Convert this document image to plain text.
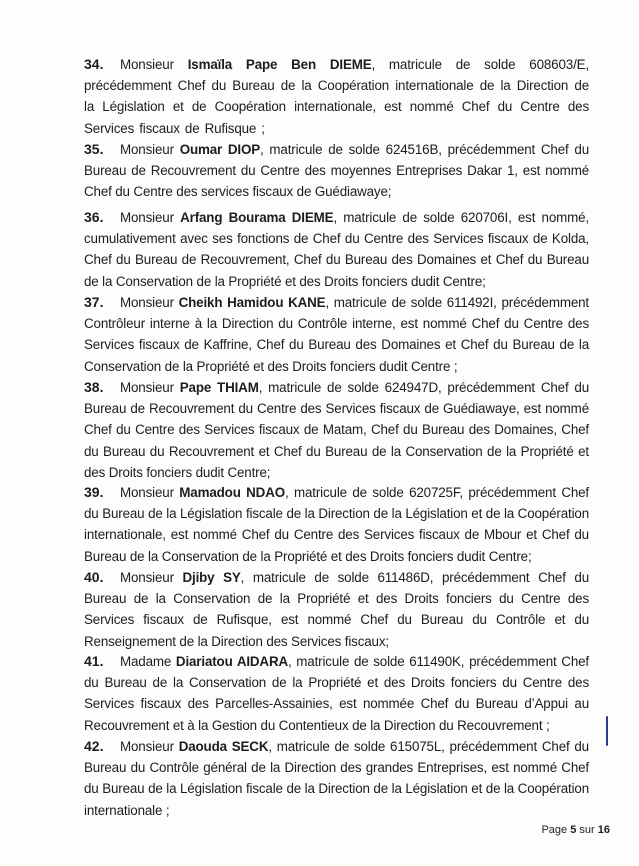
34.	Monsieur Ismaïla Pape Ben DIEME, matricule de solde 608603/E, précédemment Chef du Bureau de la Coopération internationale de la Direction de la Législation et de Coopération internationale, est nommé Chef du Centre des Services fiscaux de Rufisque ;
35.	Monsieur Oumar DIOP, matricule de solde 624516B, précédemment Chef du Bureau de Recouvrement du Centre des moyennes Entreprises Dakar 1, est nommé Chef du Centre des services fiscaux de Guédiawaye;
36.	Monsieur Arfang Bourama DIEME, matricule de solde 620706I, est nommé, cumulativement avec ses fonctions de Chef du Centre des Services fiscaux de Kolda, Chef du Bureau de Recouvrement, Chef du Bureau des Domaines et Chef du Bureau de la Conservation de la Propriété et des Droits fonciers dudit Centre;
37.	Monsieur Cheikh Hamidou KANE, matricule de solde 611492I, précédemment Contrôleur interne à la Direction du Contrôle interne, est nommé Chef du Centre des Services fiscaux de Kaffrine, Chef du Bureau des Domaines et Chef du Bureau de la Conservation de la Propriété et des Droits fonciers dudit Centre ;
38.	Monsieur Pape THIAM, matricule de solde 624947D, précédemment Chef du Bureau de Recouvrement du Centre des Services fiscaux de Guédiawaye, est nommé Chef du Centre des Services fiscaux de Matam, Chef du Bureau des Domaines, Chef du Bureau du Recouvrement et Chef du Bureau de la Conservation de la Propriété et des Droits fonciers dudit Centre;
39.	Monsieur Mamadou NDAO, matricule de solde 620725F, précédemment Chef du Bureau de la Législation fiscale de la Direction de la Législation et de la Coopération internationale, est nommé Chef du Centre des Services fiscaux de Mbour et Chef du Bureau de la Conservation de la Propriété et des Droits fonciers dudit Centre;
40.	Monsieur Djiby SY, matricule de solde 611486D, précédemment Chef du Bureau de la Conservation de la Propriété et des Droits fonciers du Centre des Services fiscaux de Rufisque, est nommé Chef du Bureau du Contrôle et du Renseignement de la Direction des Services fiscaux;
41.	Madame Diariatou AIDARA, matricule de solde 611490K, précédemment Chef du Bureau de la Conservation de la Propriété et des Droits fonciers du Centre des Services fiscaux des Parcelles-Assainies, est nommée Chef du Bureau d’Appui au Recouvrement et à la Gestion du Contentieux de la Direction du Recouvrement ;
42.	Monsieur Daouda SECK, matricule de solde 615075L, précédemment Chef du Bureau du Contrôle général de la Direction des grandes Entreprises, est nommé Chef du Bureau de la Législation fiscale de la Direction de la Législation et de la Coopération internationale ;
Page 5 sur 16
